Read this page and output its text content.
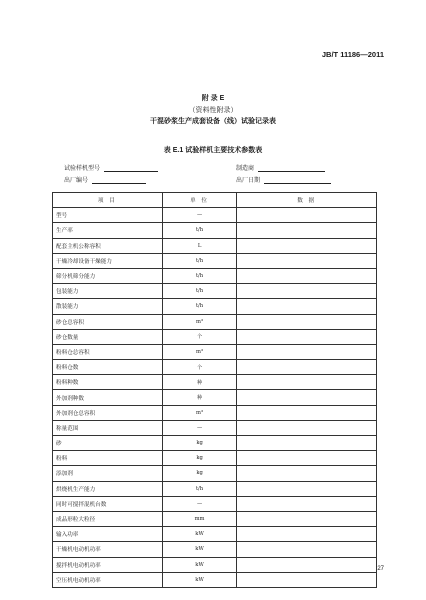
JB/T 11186—2011
附 录 E
（资料性附录）
干混砂浆生产成套设备（线）试验记录表
表 E.1 试验样机主要技术参数表
试验样机型号
出厂编号
制造商
出厂日期
项 目	单 位	数 据
型号	—	
生产率	t/h	
配套主机公称容积	L	
干燥冷却设备干燥能力	t/h	
筛分机筛分能力	t/h	
包装能力	t/h	
散装能力	t/h	
砂仓总容积	m³	
砂仓数量	个	
粉料仓总容积	m³	
粉料仓数	个	
粉料种数	种	
外加剂种数	种	
外加剂仓总容积	m³	
称量范围	—	
砂	kg	
粉料	kg	
添加剂	kg	
烘烧机生产能力	t/h	
同时可搅拌混机台数	—	
成品形粒大粒径	mm	
输入功率	kW	
干燥机电动机功率	kW	
搅拌机电动机功率	kW	
空压机电动机功率	kW	
27
